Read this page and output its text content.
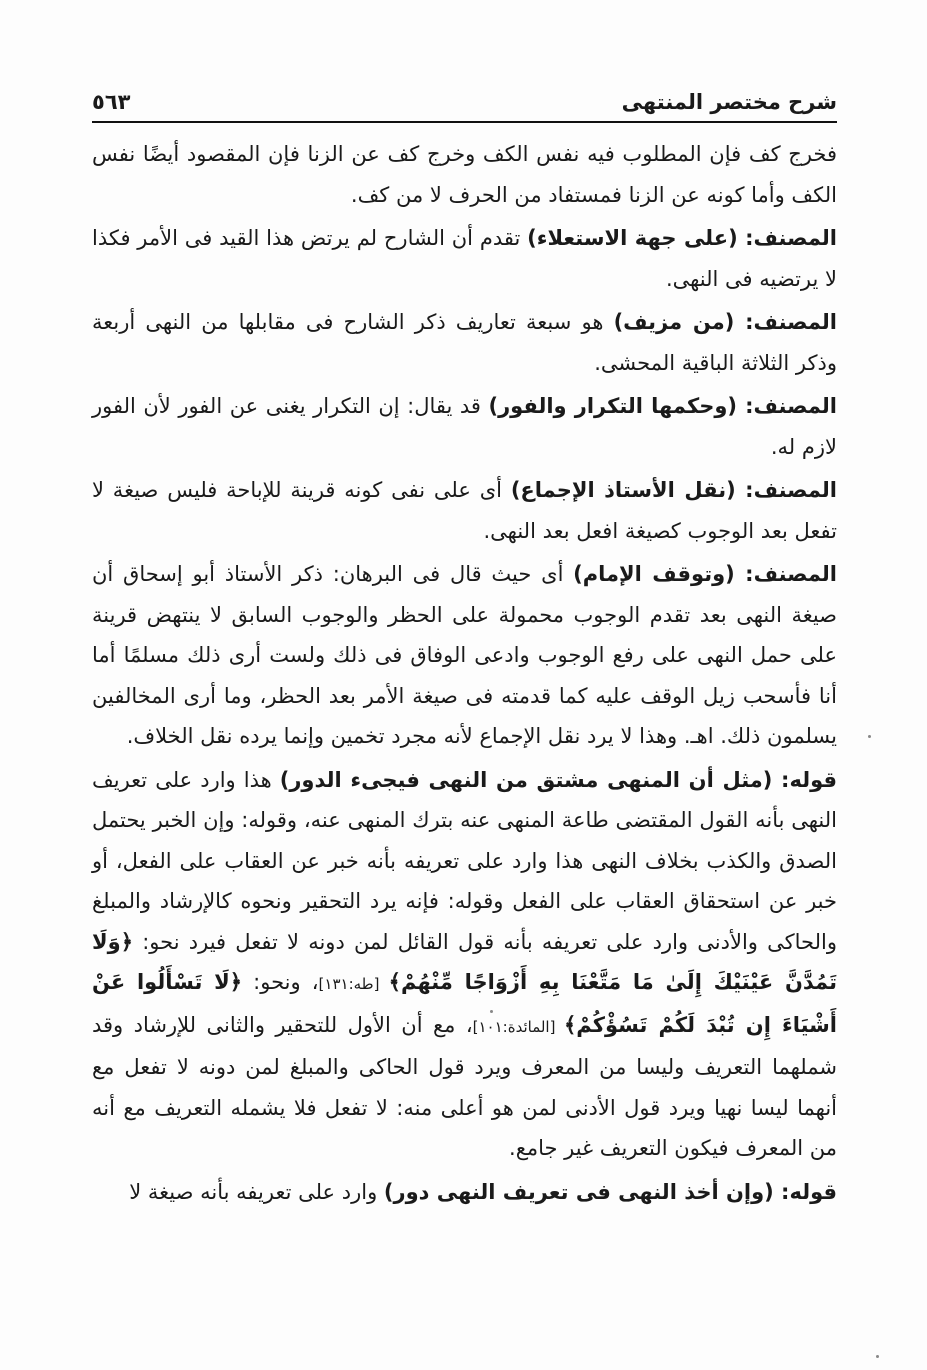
شرح مختصر المنتهى
٥٦٣

فخرج كف فإن المطلوب فيه نفس الكف وخرج كف عن الزنا فإن المقصود أيضًا نفس الكف وأما كونه عن الزنا فمستفاد من الحرف لا من كف.

المصنف: (على جهة الاستعلاء) تقدم أن الشارح لم يرتض هذا القيد فى الأمر فكذا لا يرتضيه فى النهى.

المصنف: (من مزيف) هو سبعة تعاريف ذكر الشارح فى مقابلها من النهى أربعة وذكر الثلاثة الباقية المحشى.

المصنف: (وحكمها التكرار والفور) قد يقال: إن التكرار يغنى عن الفور لأن الفور لازم له.

المصنف: (نقل الأستاذ الإجماع) أى على نفى كونه قرينة للإباحة فليس صيغة لا تفعل بعد الوجوب كصيغة افعل بعد النهى.

المصنف: (وتوقف الإمام) أى حيث قال فى البرهان: ذكر الأستاذ أبو إسحاق أن صيغة النهى بعد تقدم الوجوب محمولة على الحظر والوجوب السابق لا ينتهض قرينة على حمل النهى على رفع الوجوب وادعى الوفاق فى ذلك ولست أرى ذلك مسلمًا أما أنا فأسحب زيل الوقف عليه كما قدمته فى صيغة الأمر بعد الحظر، وما أرى المخالفين يسلمون ذلك. اهـ. وهذا لا يرد نقل الإجماع لأنه مجرد تخمين وإنما يرده نقل الخلاف.

قوله: (مثل أن المنهى مشتق من النهى فيجىء الدور) هذا وارد على تعريف النهى بأنه القول المقتضى طاعة المنهى عنه بترك المنهى عنه، وقوله: وإن الخبر يحتمل الصدق والكذب بخلاف النهى هذا وارد على تعريفه بأنه خبر عن العقاب على الفعل، أو خبر عن استحقاق العقاب على الفعل وقوله: فإنه يرد التحقير ونحوه كالإرشاد والمبلغ والحاكى والأدنى وارد على تعريفه بأنه قول القائل لمن دونه لا تفعل فيرد نحو: ﴿وَلَا تَمُدَّنَّ عَيْنَيْكَ إِلَىٰ مَا مَتَّعْنَا بِهِ أَزْوَاجًا مِّنْهُمْ﴾ [طه:١٣١]، ونحو: ﴿لَا تَسْأَلُوا عَنْ أَشْيَاءَ إِن تُبْدَ لَكُمْ تَسُؤْكُمْ﴾ [المائدة:١٠١]، مع أن الأول للتحقير والثانى للإرشاد وقد شملهما التعريف وليسا من المعرف ويرد قول الحاكى والمبلغ لمن دونه لا تفعل مع أنهما ليسا نهيا ويرد قول الأدنى لمن هو أعلى منه: لا تفعل فلا يشمله التعريف مع أنه من المعرف فيكون التعريف غير جامع.

قوله: (وإن أخذ النهى فى تعريف النهى دور) وارد على تعريفه بأنه صيغة لا
